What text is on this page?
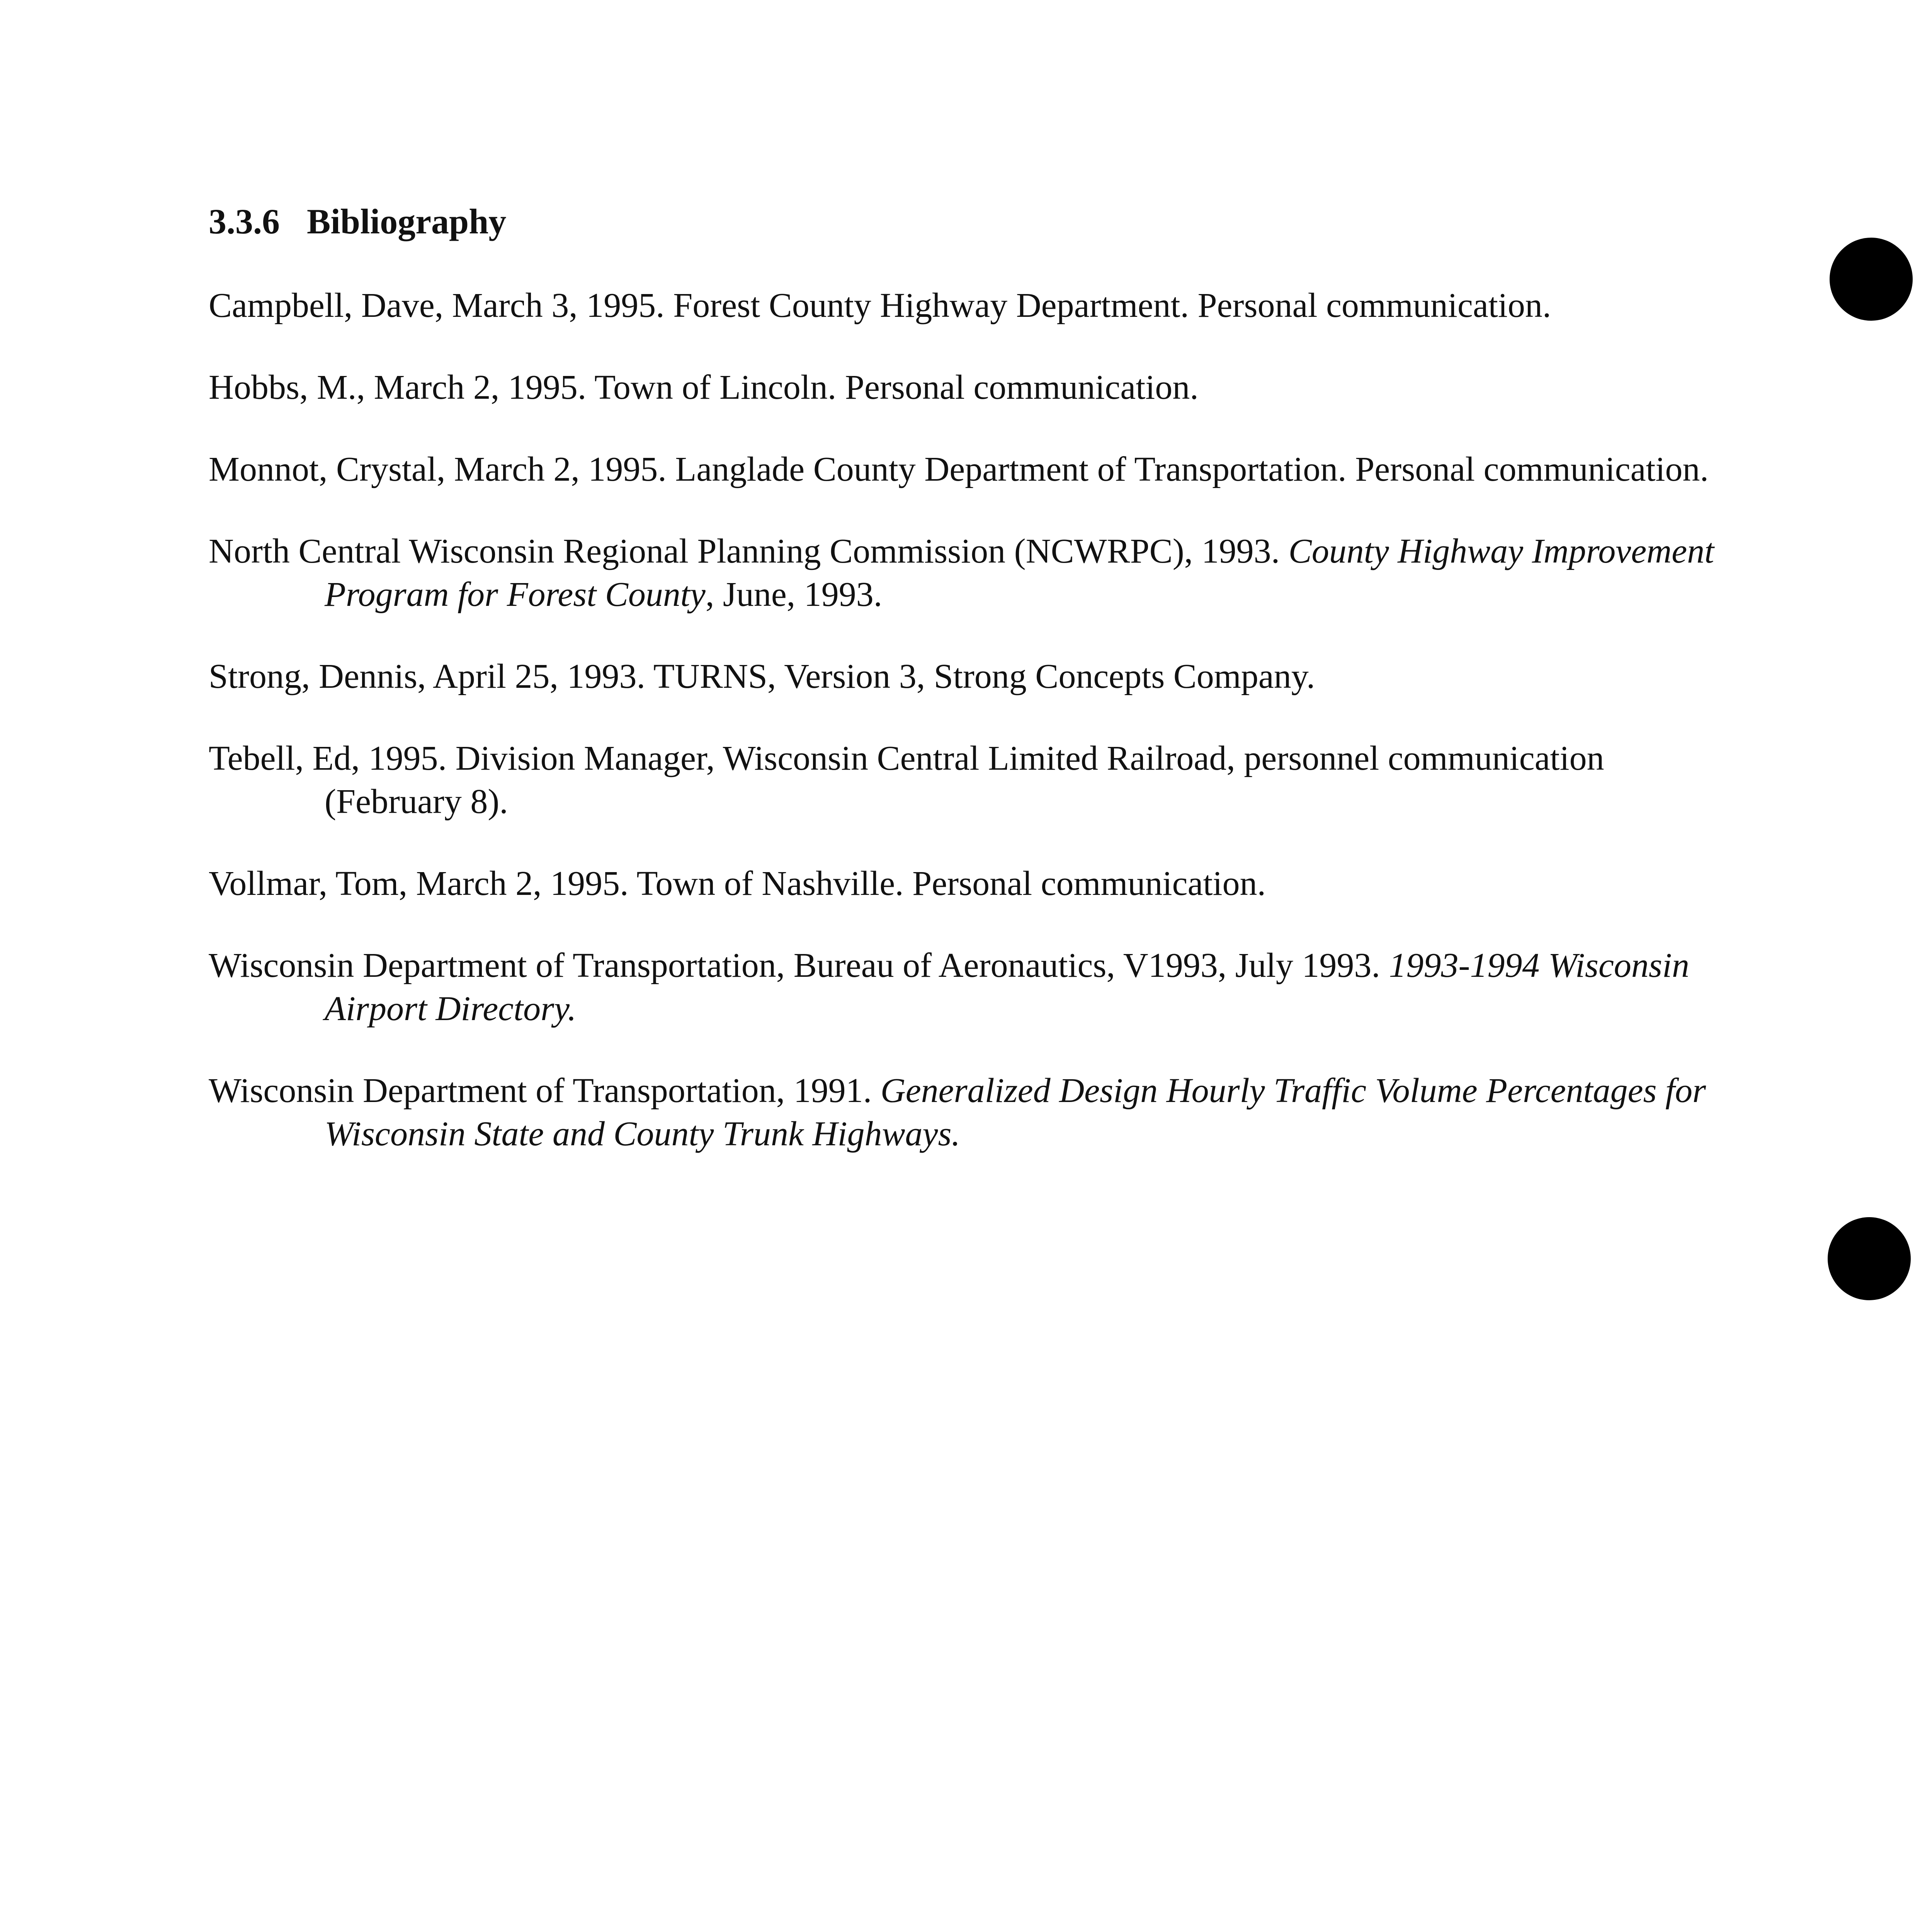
3.3.6 Bibliography

Campbell, Dave, March 3, 1995. Forest County Highway Department. Personal communication.

Hobbs, M., March 2, 1995. Town of Lincoln. Personal communication.

Monnot, Crystal, March 2, 1995. Langlade County Department of Transportation. Personal communication.

North Central Wisconsin Regional Planning Commission (NCWRPC), 1993. County Highway Improvement Program for Forest County, June, 1993.

Strong, Dennis, April 25, 1993. TURNS, Version 3, Strong Concepts Company.

Tebell, Ed, 1995. Division Manager, Wisconsin Central Limited Railroad, personnel communication (February 8).

Vollmar, Tom, March 2, 1995. Town of Nashville. Personal communication.

Wisconsin Department of Transportation, Bureau of Aeronautics, V1993, July 1993. 1993-1994 Wisconsin Airport Directory.

Wisconsin Department of Transportation, 1991. Generalized Design Hourly Traffic Volume Percentages for Wisconsin State and County Trunk Highways.
